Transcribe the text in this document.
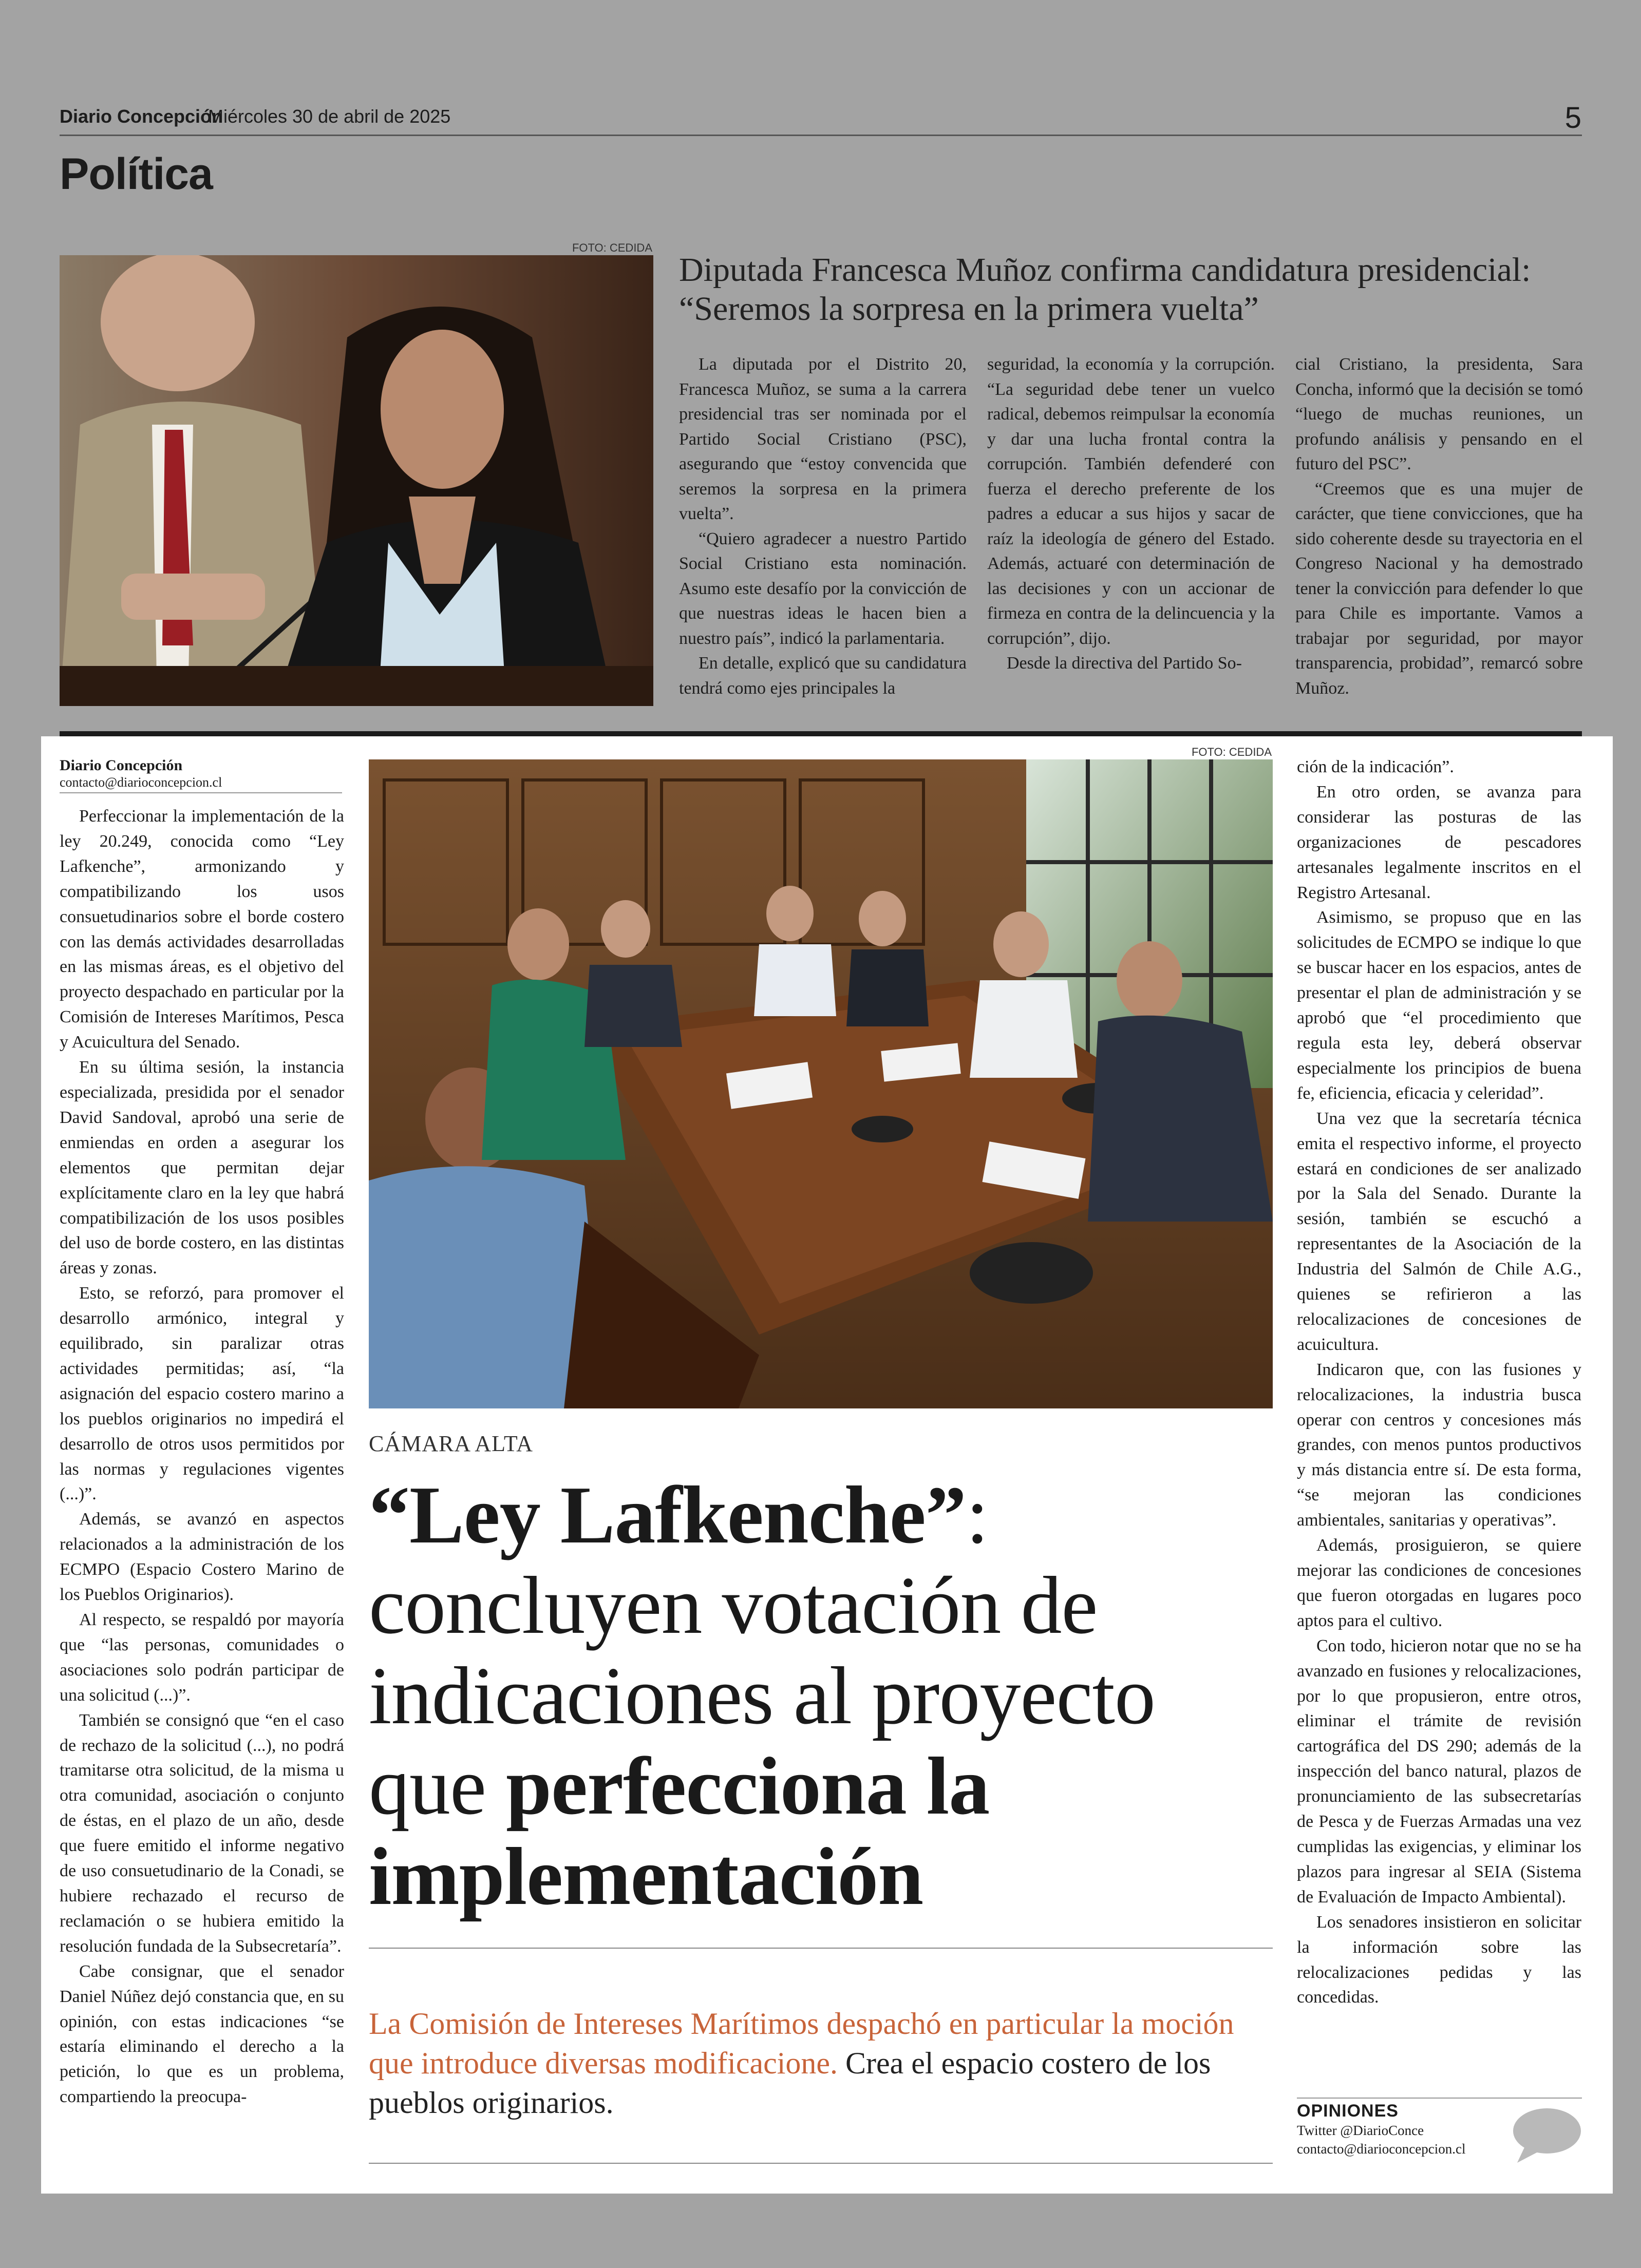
Diario Concepción
Miércoles 30 de abril de 2025	5
Política
FOTO: CEDIDA
Diputada Francesca Muñoz confirma candidatura presidencial: “Seremos la sorpresa en la primera vuelta”

La diputada por el Distrito 20, Francesca Muñoz, se suma a la carrera presidencial tras ser nominada por el Partido Social Cristiano (PSC), asegurando que “estoy convencida que seremos la sorpresa en la primera vuelta”.

“Quiero agradecer a nuestro Partido Social Cristiano esta nominación. Asumo este desafío por la convicción de que nuestras ideas le hacen bien a nuestro país”, indicó la parlamentaria.

En detalle, explicó que su candidatura tendrá como ejes principales la

seguridad, la economía y la corrupción. “La seguridad debe tener un vuelco radical, debemos reimpulsar la economía y dar una lucha frontal contra la corrupción. También defenderé con fuerza el derecho preferente de los padres a educar a sus hijos y sacar de raíz la ideología de género del Estado. Además, actuaré con determinación de las decisiones y con un accionar de firmeza en contra de la delincuencia y la corrupción”, dijo.

Desde la directiva del Partido So-

cial Cristiano, la presidenta, Sara Concha, informó que la decisión se tomó “luego de muchas reuniones, un profundo análisis y pensando en el futuro del PSC”.

“Creemos que es una mujer de carácter, que tiene convicciones, que ha sido coherente desde su trayectoria en el Congreso Nacional y ha demostrado tener la convicción para defender lo que para Chile es importante. Vamos a trabajar por seguridad, por mayor transparencia, probidad”, remarcó sobre Muñoz.

Diario Concepción
contacto@diarioconcepcion.cl

Perfeccionar la implementación de la ley 20.249, conocida como “Ley Lafkenche”, armonizando y compatibilizando los usos consuetudinarios sobre el borde costero con las demás actividades desarrolladas en las mismas áreas, es el objetivo del proyecto despachado en particular por la Comisión de Intereses Marítimos, Pesca y Acuicultura del Senado.

En su última sesión, la instancia especializada, presidida por el senador David Sandoval, aprobó una serie de enmiendas en orden a asegurar los elementos que permitan dejar explícitamente claro en la ley que habrá compatibilización de los usos posibles del uso de borde costero, en las distintas áreas y zonas.

Esto, se reforzó, para promover el desarrollo armónico, integral y equilibrado, sin paralizar otras actividades permitidas; así, “la asignación del espacio costero marino a los pueblos originarios no impedirá el desarrollo de otros usos permitidos por las normas y regulaciones vigentes (...)”.

Además, se avanzó en aspectos relacionados a la administración de los ECMPO (Espacio Costero Marino de los Pueblos Originarios).

Al respecto, se respaldó por mayoría que “las personas, comunidades o asociaciones solo podrán participar de una solicitud (...)”.

También se consignó que “en el caso de rechazo de la solicitud (...), no podrá tramitarse otra solicitud, de la misma u otra comunidad, asociación o conjunto de éstas, en el plazo de un año, desde que fuere emitido el informe negativo de uso consuetudinario de la Conadi, se hubiere rechazado el recurso de reclamación o se hubiera emitido la resolución fundada de la Subsecretaría”.

Cabe consignar, que el senador Daniel Núñez dejó constancia que, en su opinión, con estas indicaciones “se estaría eliminando el derecho a la petición, lo que es un problema, compartiendo la preocupa-

FOTO: CEDIDA
CÁMARA ALTA
“Ley Lafkenche”: concluyen votación de indicaciones al proyecto que perfecciona la implementación
La Comisión de Intereses Marítimos despachó en particular la moción que introduce diversas modificacione. Crea el espacio costero de los pueblos originarios.

ción de la indicación”.

En otro orden, se avanza para considerar las posturas de las organizaciones de pescadores artesanales legalmente inscritos en el Registro Artesanal.

Asimismo, se propuso que en las solicitudes de ECMPO se indique lo que se buscar hacer en los espacios, antes de presentar el plan de administración y se aprobó que “el procedimiento que regula esta ley, deberá observar especialmente los principios de buena fe, eficiencia, eficacia y celeridad”.

Una vez que la secretaría técnica emita el respectivo informe, el proyecto estará en condiciones de ser analizado por la Sala del Senado. Durante la sesión, también se escuchó a representantes de la Asociación de la Industria del Salmón de Chile A.G., quienes se refirieron a las relocalizaciones de concesiones de acuicultura.

Indicaron que, con las fusiones y relocalizaciones, la industria busca operar con centros y concesiones más grandes, con menos puntos productivos y más distancia entre sí. De esta forma, “se mejoran las condiciones ambientales, sanitarias y operativas”.

Además, prosiguieron, se quiere mejorar las condiciones de concesiones que fueron otorgadas en lugares poco aptos para el cultivo.

Con todo, hicieron notar que no se ha avanzado en fusiones y relocalizaciones, por lo que propusieron, entre otros, eliminar el trámite de revisión cartográfica del DS 290; además de la inspección del banco natural, plazos de pronunciamiento de las subsecretarías de Pesca y de Fuerzas Armadas una vez cumplidas las exigencias, y eliminar los plazos para ingresar al SEIA (Sistema de Evaluación de Impacto Ambiental).

Los senadores insistieron en solicitar la información sobre las relocalizaciones pedidas y las concedidas.

OPINIONES
Twitter @DiarioConce
contacto@diarioconcepcion.cl
